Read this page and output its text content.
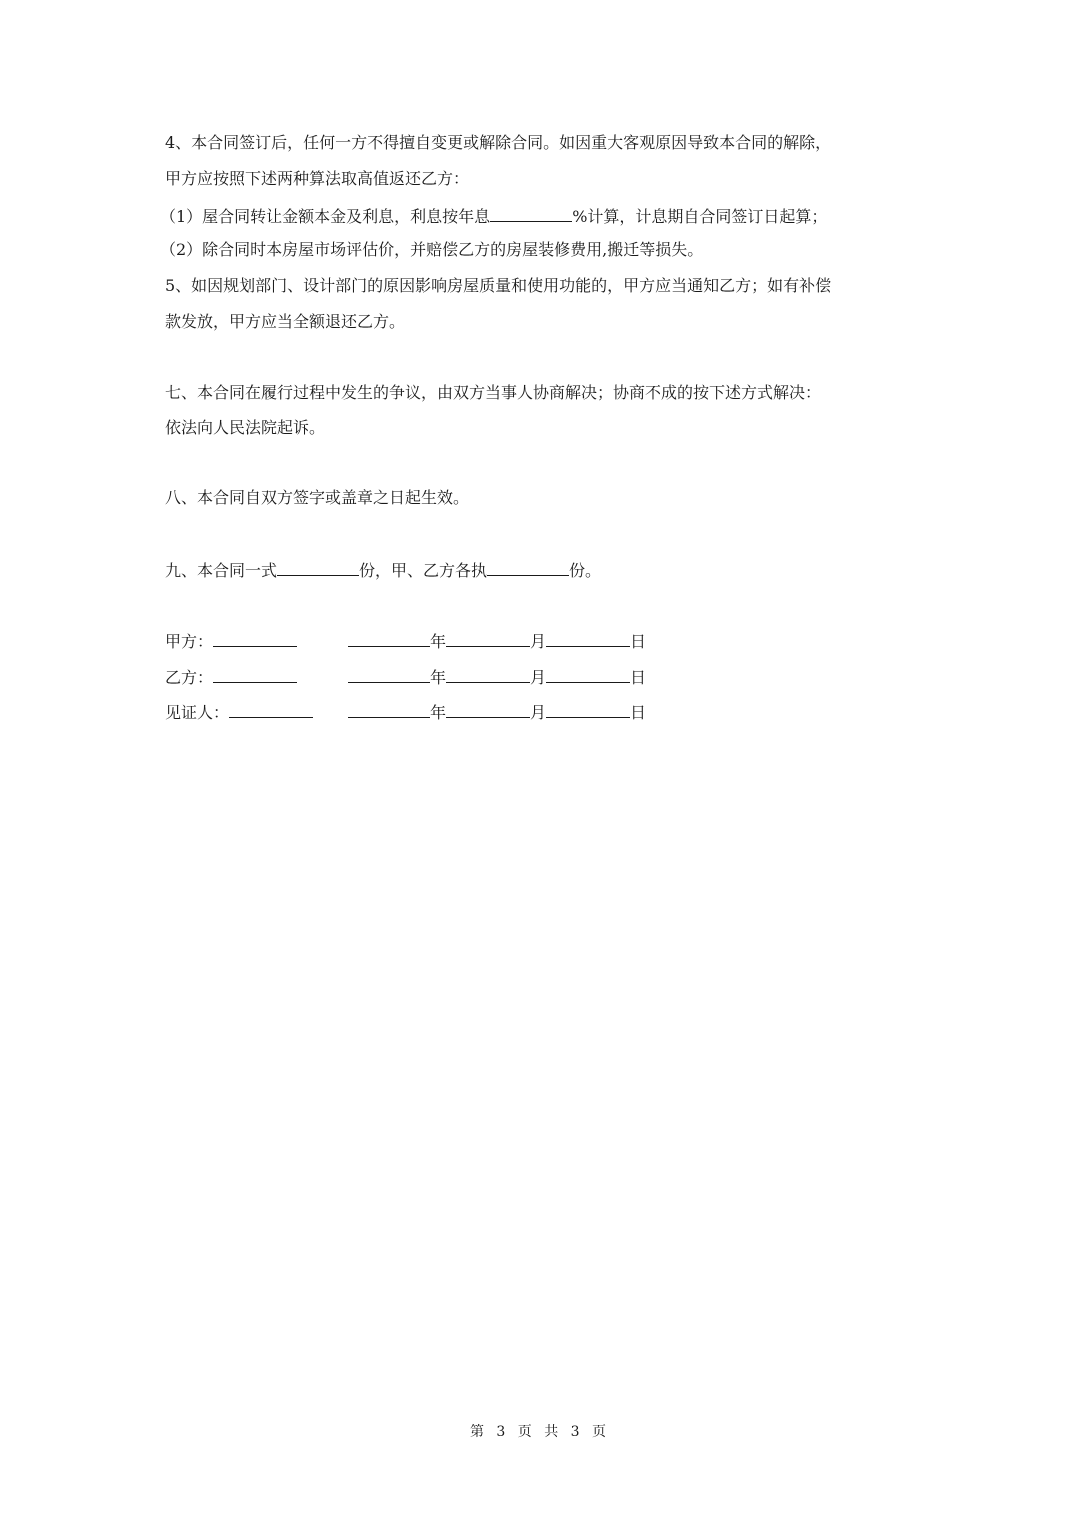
4、本合同签订后，任何一方不得擅自变更或解除合同。如因重大客观原因导致本合同的解除，
甲方应按照下述两种算法取高值返还乙方：
（1）屋合同转让金额本金及利息，利息按年息	%计算，计息期自合同签订日起算；
（2）除合同时本房屋市场评估价，并赔偿乙方的房屋装修费用,搬迁等损失。
5、如因规划部门、设计部门的原因影响房屋质量和使用功能的，甲方应当通知乙方；如有补偿
款发放，甲方应当全额退还乙方。
七、本合同在履行过程中发生的争议，由双方当事人协商解决；协商不成的按下述方式解决：
依法向人民法院起诉。
八、本合同自双方签字或盖章之日起生效。
九、本合同一式	份，甲、乙方各执	份。
甲方：	年	月	日
乙方：	年	月	日
见证人：	年	月	日
第 3 页 共 3 页
